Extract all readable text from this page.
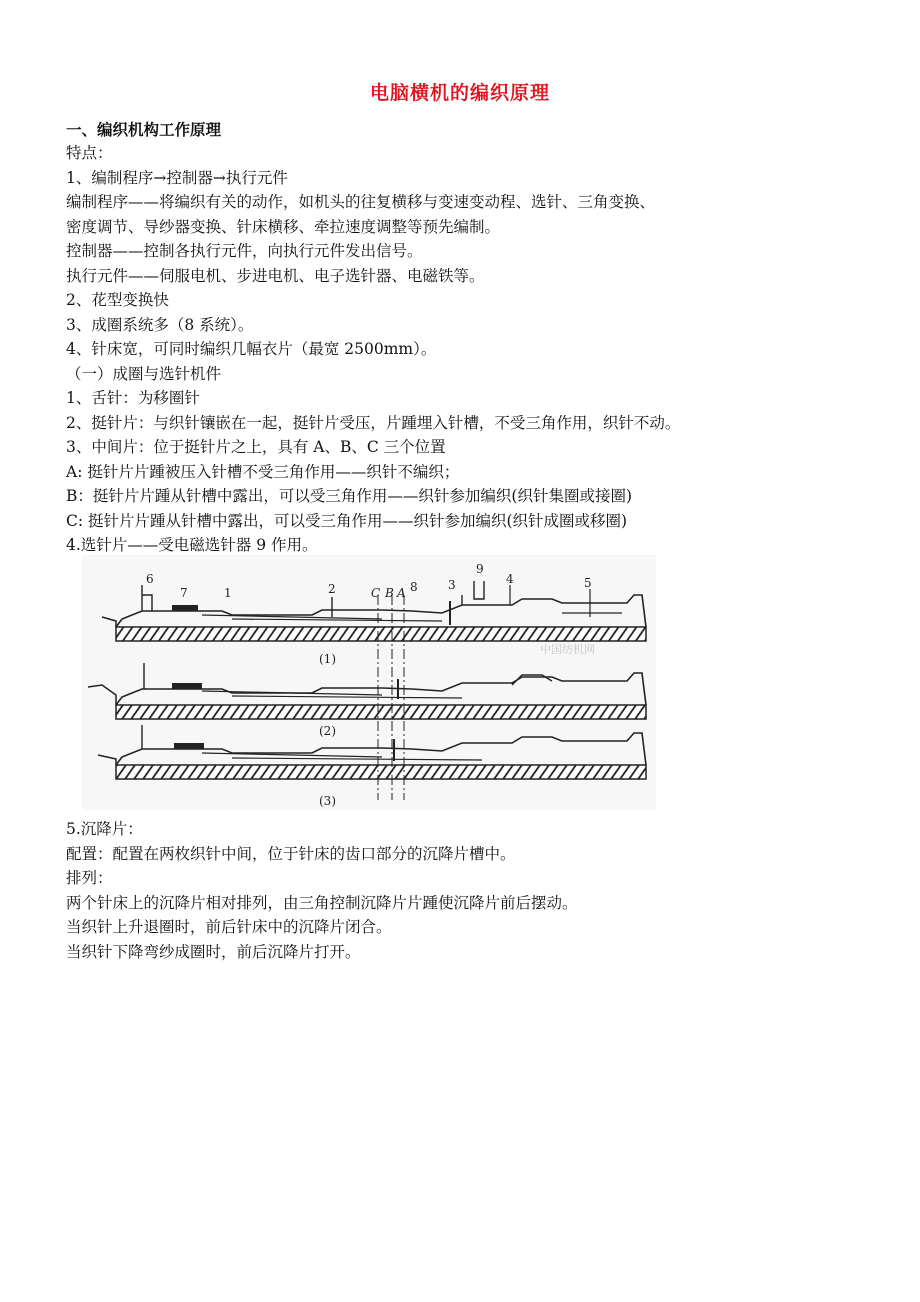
电脑横机的编织原理
一、编织机构工作原理

特点：

1、编制程序→控制器→执行元件

编制程序——将编织有关的动作，如机头的往复横移与变速变动程、选针、三角变换、

密度调节、导纱器变换、针床横移、牵拉速度调整等预先编制。

控制器——控制各执行元件，向执行元件发出信号。

执行元件——伺服电机、步进电机、电子选针器、电磁铁等。

2、花型变换快

3、成圈系统多（8 系统）。

4、针床宽，可同时编织几幅衣片（最宽 2500mm）。

（一）成圈与选针机件

1、舌针：为移圈针

2、挺针片：与织针镶嵌在一起，挺针片受压，片踵埋入针槽，不受三角作用，织针不动。

3、中间片：位于挺针片之上，具有 A、B、C 三个位置

A: 挺针片片踵被压入针槽不受三角作用——织针不编织；

B：挺针片片踵从针槽中露出，可以受三角作用——织针参加编织(织针集圈或接圈)

C: 挺针片片踵从针槽中露出，可以受三角作用——织针参加编织(织针成圈或移圈)

4.选针片——受电磁选针器 9 作用。

6
7	1	2	C B A 8	3
9
4	5
(1)
(2)
(3)
中国纺机网

5.沉降片：

配置：配置在两枚织针中间，位于针床的齿口部分的沉降片槽中。

排列：

两个针床上的沉降片相对排列，由三角控制沉降片片踵使沉降片前后摆动。

当织针上升退圈时，前后针床中的沉降片闭合。

当织针下降弯纱成圈时，前后沉降片打开。
